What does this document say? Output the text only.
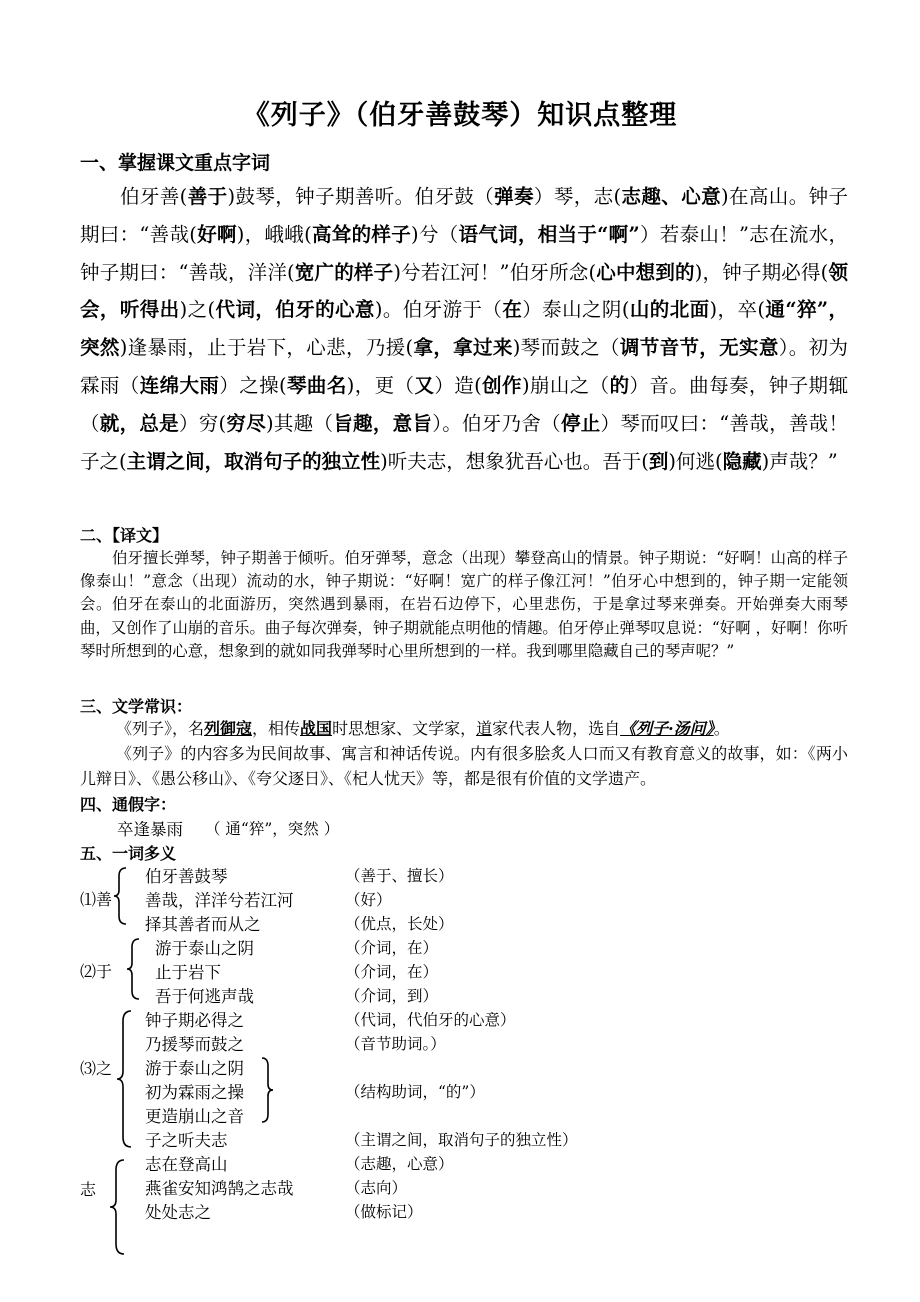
《列子》（伯牙善鼓琴）知识点整理
一、掌握课文重点字词
伯牙善(善于)鼓琴，钟子期善听。伯牙鼓（弹奏）琴，志(志趣、心意)在高山。钟子期曰：“善哉(好啊)，峨峨(高耸的样子)兮（语气词，相当于“啊”）若泰山！”志在流水，钟子期曰：“善哉，洋洋(宽广的样子)兮若江河！”伯牙所念(心中想到的)，钟子期必得(领会，听得出)之(代词，伯牙的心意)。伯牙游于（在）泰山之阴(山的北面)，卒(通“猝”，突然)逢暴雨，止于岩下，心悲，乃援(拿，拿过来)琴而鼓之（调节音节，无实意）。初为霖雨（连绵大雨）之操(琴曲名)，更（又）造(创作)崩山之（的）音。曲每奏，钟子期辄（就，总是）穷(穷尽)其趣（旨趣，意旨）。伯牙乃舍（停止）琴而叹曰：“善哉，善哉！子之(主谓之间，取消句子的独立性)听夫志，想象犹吾心也。吾于(到)何逃(隐藏)声哉？”
二、【译文】
伯牙擅长弹琴，钟子期善于倾听。伯牙弹琴，意念（出现）攀登高山的情景。钟子期说：“好啊！山高的样子像泰山！”意念（出现）流动的水，钟子期说：“好啊！宽广的样子像江河！”伯牙心中想到的，钟子期一定能领会。伯牙在泰山的北面游历，突然遇到暴雨，在岩石边停下，心里悲伤，于是拿过琴来弹奏。开始弹奏大雨琴曲，又创作了山崩的音乐。曲子每次弹奏，钟子期就能点明他的情趣。伯牙停止弹琴叹息说：“好啊 ，好啊！你听琴时所想到的心意，想象到的就如同我弹琴时心里所想到的一样。我到哪里隐藏自己的琴声呢？”
三、文学常识：
《列子》，名列御寇，相传战国时思想家、文学家，道家代表人物，选自《列子·汤问》。
《列子》的内容多为民间故事、寓言和神话传说。内有很多脍炙人口而又有教育意义的故事，如：《两小儿辩日》、《愚公移山》、《夸父逐日》、《杞人忧天》等，都是很有价值的文学遗产。
四、通假字：
卒逢暴雨 （ 通“猝”，突然 ）
五、一词多义
⑴善
伯牙善鼓琴	（善于、擅长）
善哉，洋洋兮若江河	（好）
择其善者而从之	（优点，长处）
⑵于
游于泰山之阴	（介词，在）
止于岩下	（介词，在）
吾于何逃声哉	（介词，到）
⑶之
钟子期必得之	（代词，代伯牙的心意）
乃援琴而鼓之	（音节助词。）
游于泰山之阴
初为霖雨之操	（结构助词，“的”）
更造崩山之音
子之听夫志	（主谓之间，取消句子的独立性）
志
志在登高山	（志趣，心意）
燕雀安知鸿鹄之志哉	（志向）
处处志之	（做标记）
